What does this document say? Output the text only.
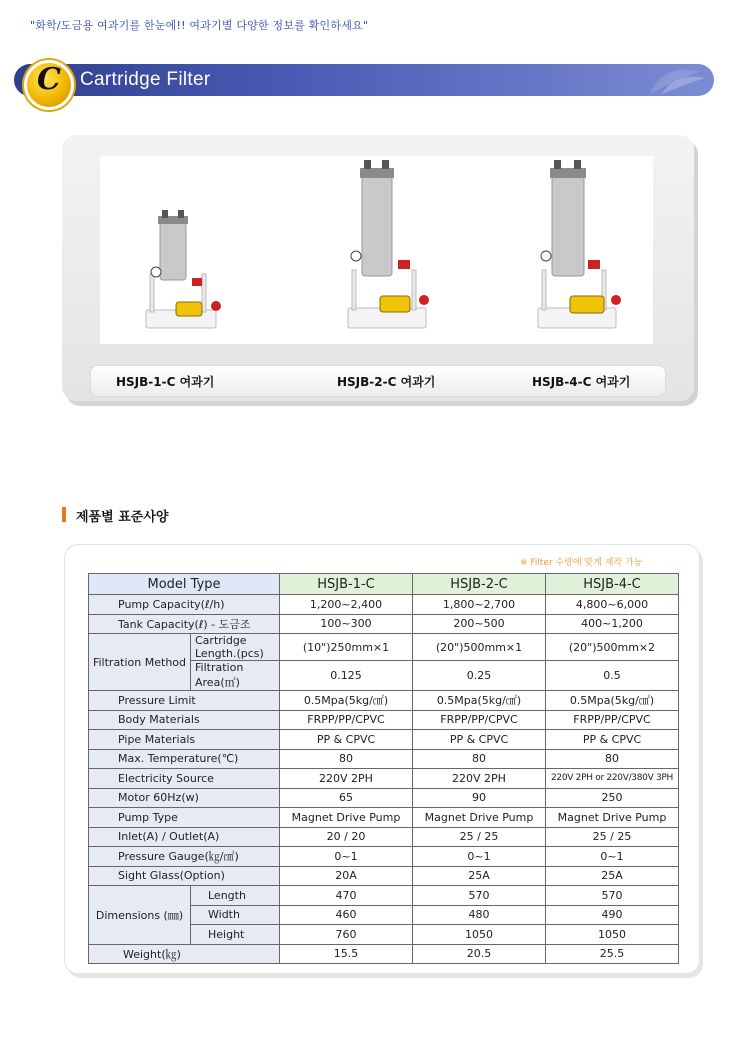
"화학/도금용 여과기를 한눈에!! 여과기별 다양한 정보를 확인하세요"
C Cartridge Filter
HSJB-1-C 여과기	HSJB-2-C 여과기	HSJB-4-C 여과기
제품별 표준사양
※ Filter 수량에 맞게 제작 가능
Model Type		HSJB-1-C	HSJB-2-C	HSJB-4-C
Pump Capacity(ℓ/h)		1,200~2,400	1,800~2,700	4,800~6,000
Tank Capacity(ℓ) - 도금조		100~300	200~500	400~1,200
Filtration Method	Cartridge Length.(pcs)	(10")250mm×1	(20")500mm×1	(20")500mm×2
	Filtration Area(㎡)	0.125	0.25	0.5
Pressure Limit		0.5Mpa(5kg/㎠)	0.5Mpa(5kg/㎠)	0.5Mpa(5kg/㎠)
Body Materials		FRPP/PP/CPVC	FRPP/PP/CPVC	FRPP/PP/CPVC
Pipe Materials		PP & CPVC	PP & CPVC	PP & CPVC
Max. Temperature(℃)		80	80	80
Electricity Source		220V 2PH	220V 2PH	220V 2PH or 220V/380V 3PH
Motor 60Hz(w)		65	90	250
Pump Type		Magnet Drive Pump	Magnet Drive Pump	Magnet Drive Pump
Inlet(A) / Outlet(A)		20 / 20	25 / 25	25 / 25
Pressure Gauge(㎏/㎠)		0~1	0~1	0~1
Sight Glass(Option)		20A	25A	25A
Dimensions (㎜)	Length	470	570	570
	Width	460	480	490
	Height	760	1050	1050
Weight(㎏)		15.5	20.5	25.5
